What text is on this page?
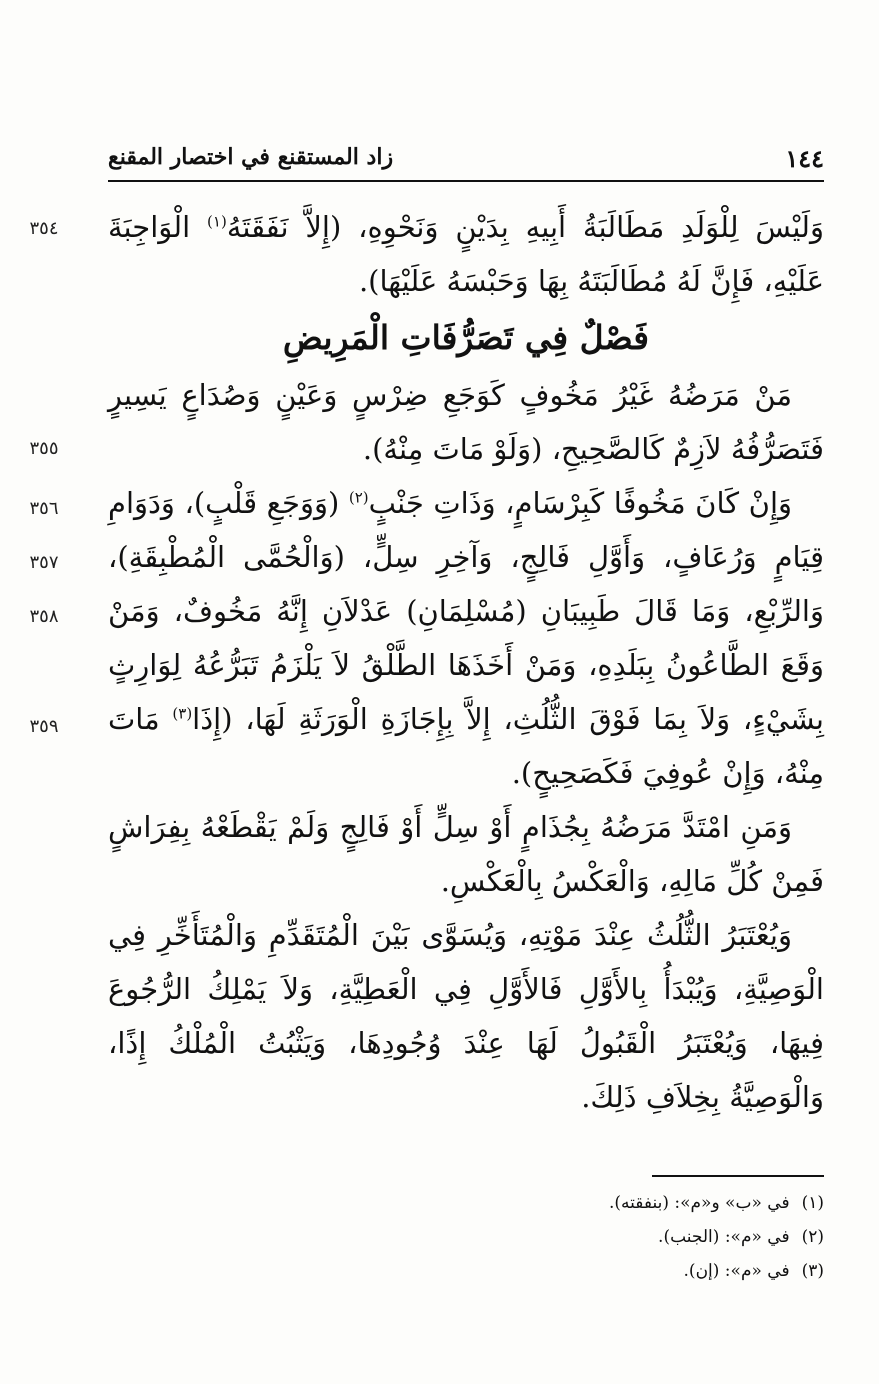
١٤٤
زاد المستقنع في اختصار المقنع

وَلَيْسَ لِلْوَلَدِ مَطَالَبَةُ أَبِيهِ بِدَيْنٍ وَنَحْوِهِ، (إِلاَّ نَفَقَتَهُ$^{(١)}$ الْوَاجِبَةَ عَلَيْهِ، فَإِنَّ لَهُ مُطَالَبَتَهُ بِهَا وَحَبْسَهُ عَلَيْهَا).

فَصْلٌ فِي تَصَرُّفَاتِ الْمَرِيضِ

مَنْ مَرَضُهُ غَيْرُ مَخُوفٍ كَوَجَعِ ضِرْسٍ وَعَيْنٍ وَصُدَاعٍ يَسِيرٍ فَتَصَرُّفُهُ لاَزِمٌ كَالصَّحِيحِ، (وَلَوْ مَاتَ مِنْهُ).

وَإِنْ كَانَ مَخُوفًا كَبِرْسَامٍ، وَذَاتِ جَنْبٍ$^{(٢)}$ (وَوَجَعِ قَلْبٍ)، وَدَوَامِ قِيَامٍ وَرُعَافٍ، وَأَوَّلِ فَالِجٍ، وَآخِرِ سِلٍّ، (وَالْحُمَّى الْمُطْبِقَةِ)، وَالرِّبْعِ، وَمَا قَالَ طَبِيبَانِ (مُسْلِمَانِ) عَدْلاَنِ إِنَّهُ مَخُوفٌ، وَمَنْ وَقَعَ الطَّاعُونُ بِبَلَدِهِ، وَمَنْ أَخَذَهَا الطَّلْقُ لاَ يَلْزَمُ تَبَرُّعُهُ لِوَارِثٍ بِشَيْءٍ، وَلاَ بِمَا فَوْقَ الثُّلُثِ، إِلاَّ بِإِجَازَةِ الْوَرَثَةِ لَهَا، (إِذَا$^{(٣)}$ مَاتَ مِنْهُ، وَإِنْ عُوفِيَ فَكَصَحِيحٍ).

وَمَنِ امْتَدَّ مَرَضُهُ بِجُذَامٍ أَوْ سِلٍّ أَوْ فَالِجٍ وَلَمْ يَقْطَعْهُ بِفِرَاشٍ فَمِنْ كُلِّ مَالِهِ، وَالْعَكْسُ بِالْعَكْسِ.

وَيُعْتَبَرُ الثُّلُثُ عِنْدَ مَوْتِهِ، وَيُسَوَّى بَيْنَ الْمُتَقَدِّمِ وَالْمُتَأَخِّرِ فِي الْوَصِيَّةِ، وَيُبْدَأُ بِالأَوَّلِ فَالأَوَّلِ فِي الْعَطِيَّةِ، وَلاَ يَمْلِكُ الرُّجُوعَ فِيهَا، وَيُعْتَبَرُ الْقَبُولُ لَهَا عِنْدَ وُجُودِهَا، وَيَثْبُتُ الْمُلْكُ إِذًا، وَالْوَصِيَّةُ بِخِلاَفِ ذَلِكَ.

٣٥٤
٣٥٥
٣٥٦
٣٥٧
٣٥٨
٣٥٩

(١)في «ب» و«م»: (بنفقته).

(٢)في «م»: (الجنب).

(٣)في «م»: (إن).
